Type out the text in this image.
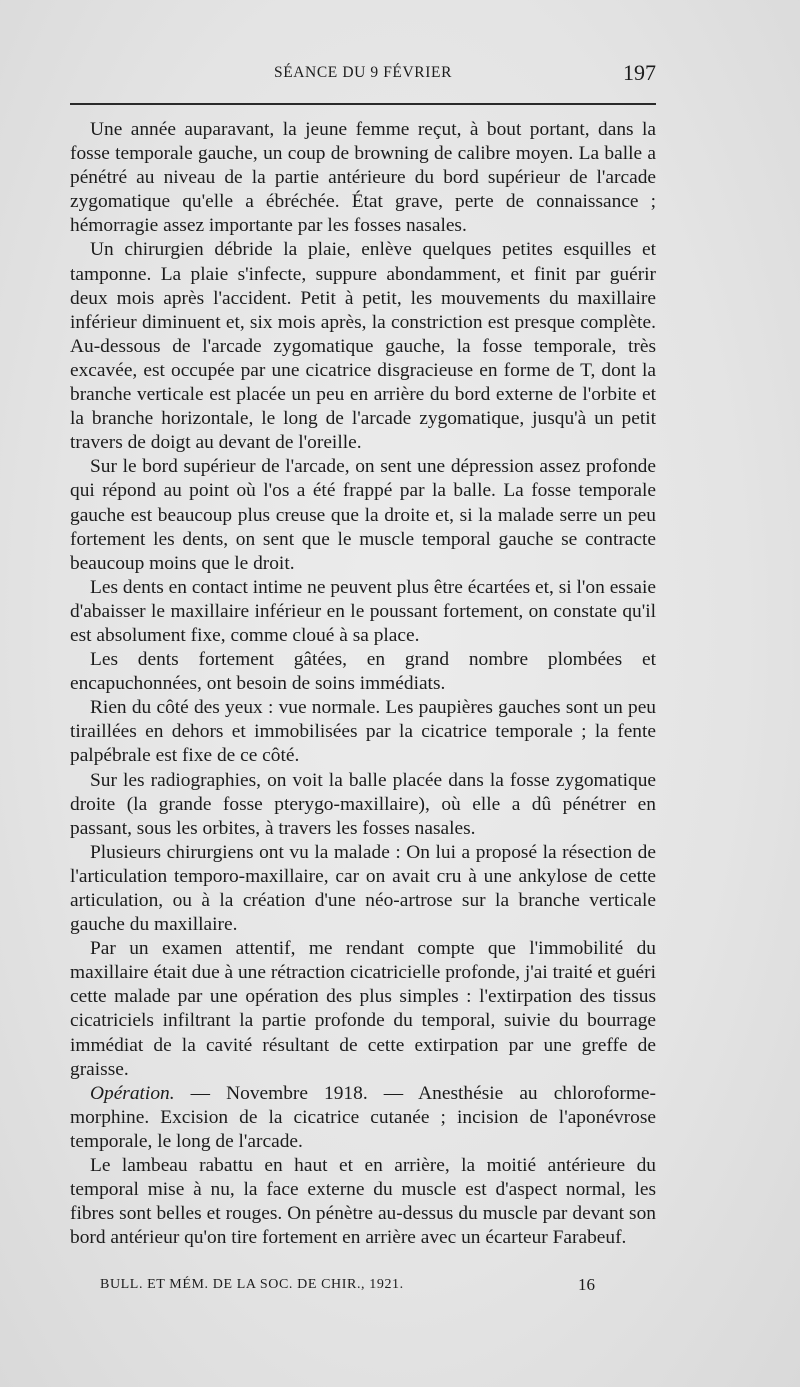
SÉANCE DU 9 FÉVRIER	197

Une année auparavant, la jeune femme reçut, à bout portant, dans la fosse temporale gauche, un coup de browning de calibre moyen. La balle a pénétré au niveau de la partie antérieure du bord supérieur de l'arcade zygomatique qu'elle a ébréchée. État grave, perte de connaissance ; hémorragie assez importante par les fosses nasales.

Un chirurgien débride la plaie, enlève quelques petites esquilles et tamponne. La plaie s'infecte, suppure abondamment, et finit par guérir deux mois après l'accident. Petit à petit, les mouvements du maxillaire inférieur diminuent et, six mois après, la constriction est presque complète. Au-dessous de l'arcade zygomatique gauche, la fosse temporale, très excavée, est occupée par une cicatrice disgracieuse en forme de T, dont la branche verticale est placée un peu en arrière du bord externe de l'orbite et la branche horizontale, le long de l'arcade zygomatique, jusqu'à un petit travers de doigt au devant de l'oreille.

Sur le bord supérieur de l'arcade, on sent une dépression assez profonde qui répond au point où l'os a été frappé par la balle. La fosse temporale gauche est beaucoup plus creuse que la droite et, si la malade serre un peu fortement les dents, on sent que le muscle temporal gauche se contracte beaucoup moins que le droit.

Les dents en contact intime ne peuvent plus être écartées et, si l'on essaie d'abaisser le maxillaire inférieur en le poussant fortement, on constate qu'il est absolument fixe, comme cloué à sa place.

Les dents fortement gâtées, en grand nombre plombées et encapuchonnées, ont besoin de soins immédiats.

Rien du côté des yeux : vue normale. Les paupières gauches sont un peu tiraillées en dehors et immobilisées par la cicatrice temporale ; la fente palpébrale est fixe de ce côté.

Sur les radiographies, on voit la balle placée dans la fosse zygomatique droite (la grande fosse pterygo-maxillaire), où elle a dû pénétrer en passant, sous les orbites, à travers les fosses nasales.

Plusieurs chirurgiens ont vu la malade : On lui a proposé la résection de l'articulation temporo-maxillaire, car on avait cru à une ankylose de cette articulation, ou à la création d'une néo-artrose sur la branche verticale gauche du maxillaire.

Par un examen attentif, me rendant compte que l'immobilité du maxillaire était due à une rétraction cicatricielle profonde, j'ai traité et guéri cette malade par une opération des plus simples : l'extirpation des tissus cicatriciels infiltrant la partie profonde du temporal, suivie du bourrage immédiat de la cavité résultant de cette extirpation par une greffe de graisse.

Opération. — Novembre 1918. — Anesthésie au chloroforme-morphine. Excision de la cicatrice cutanée ; incision de l'aponévrose temporale, le long de l'arcade.

Le lambeau rabattu en haut et en arrière, la moitié antérieure du temporal mise à nu, la face externe du muscle est d'aspect normal, les fibres sont belles et rouges. On pénètre au-dessus du muscle par devant son bord antérieur qu'on tire fortement en arrière avec un écarteur Farabeuf.

BULL. ET MÉM. DE LA SOC. DE CHIR., 1921.	16
